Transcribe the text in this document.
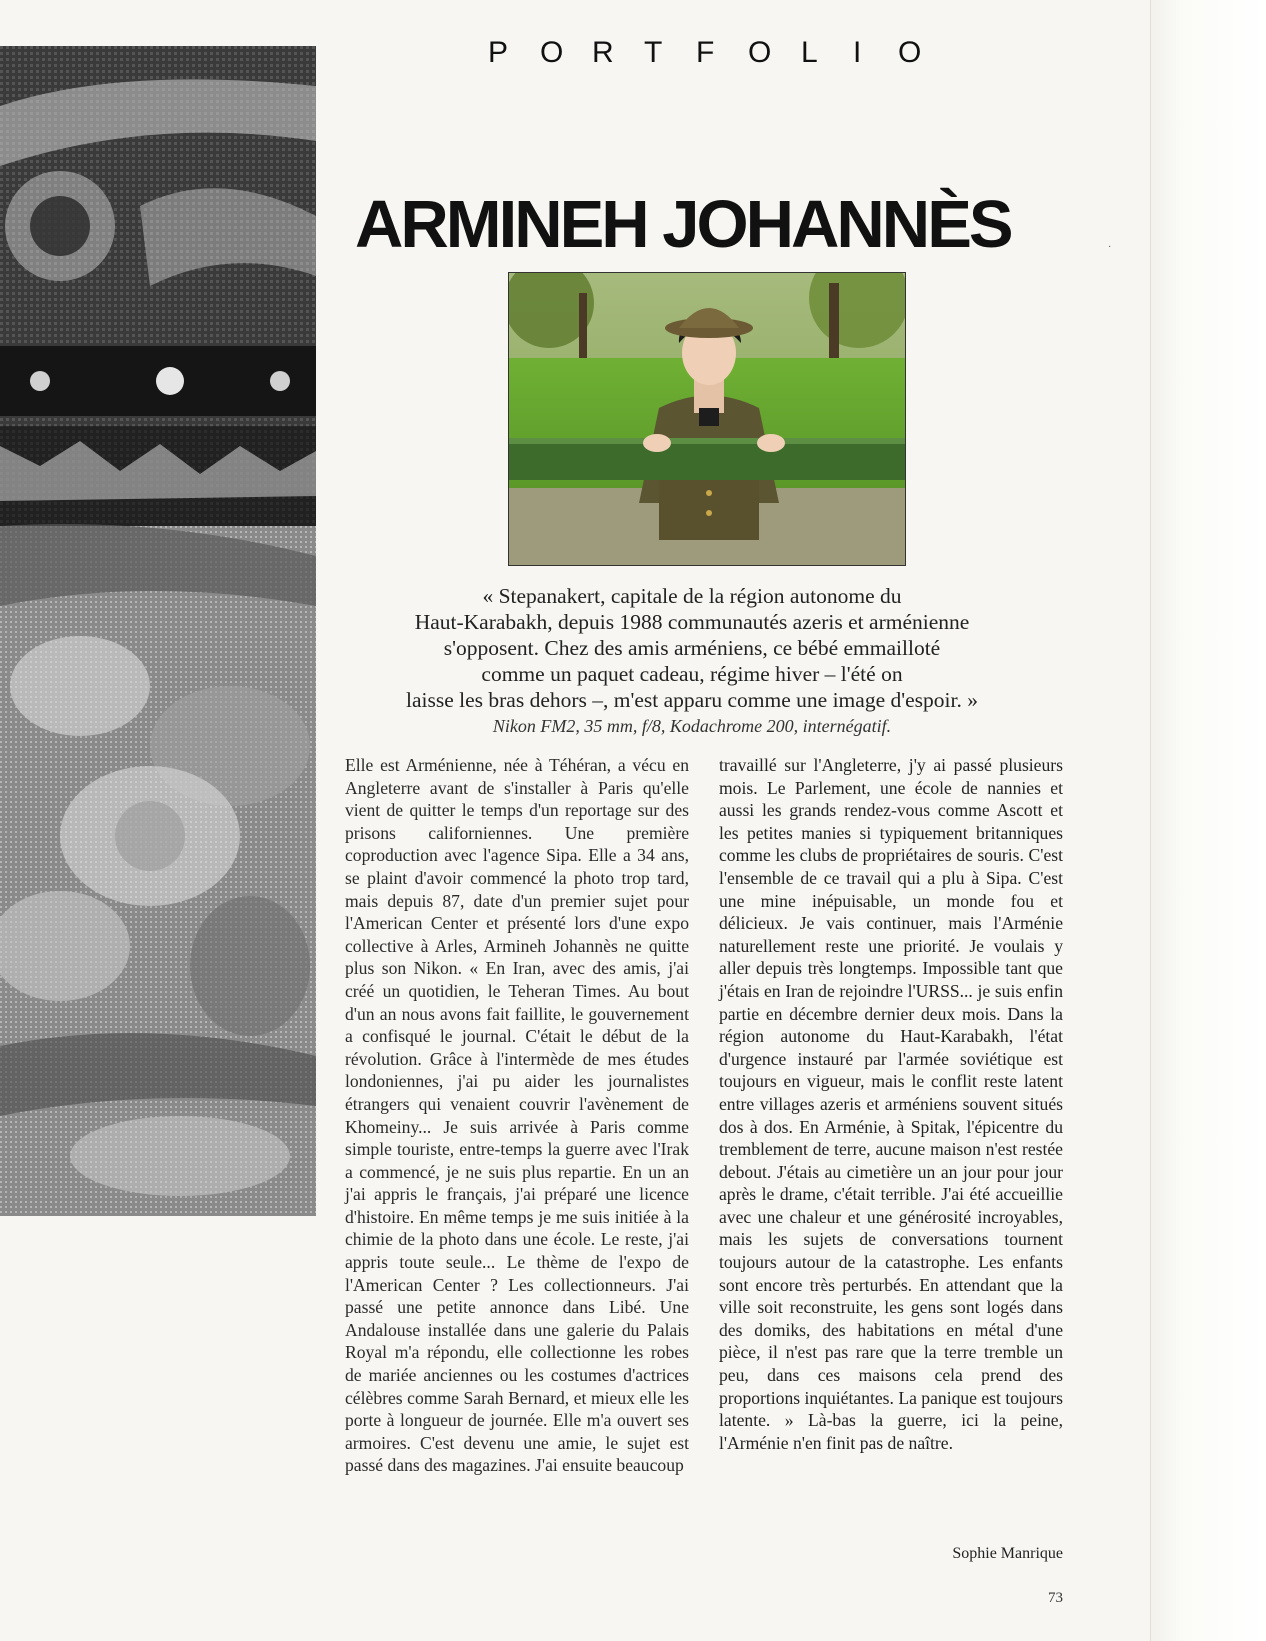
P O R T F O L I O
ARMINEH JOHANNÈS	·

« Stepanakert, capitale de la région autonome du

Haut-Karabakh, depuis 1988 communautés azeris et arménienne

s'opposent. Chez des amis arméniens, ce bébé emmailloté

comme un paquet cadeau, régime hiver – l'été on

laisse les bras dehors –, m'est apparu comme une image d'espoir. »

Nikon FM2, 35 mm, f/8, Kodachrome 200, internégatif.

Elle est Arménienne, née à Téhéran, a vécu en Angleterre avant de s'installer à Paris qu'elle vient de quitter le temps d'un reportage sur des prisons californiennes. Une première coproduction avec l'agence Sipa. Elle a 34 ans, se plaint d'avoir commencé la photo trop tard, mais depuis 87, date d'un premier sujet pour l'American Center et présenté lors d'une expo collective à Arles, Armineh Johannès ne quitte plus son Nikon. « En Iran, avec des amis, j'ai créé un quotidien, le Teheran Times. Au bout d'un an nous avons fait faillite, le gouvernement a confisqué le journal. C'était le début de la révolution. Grâce à l'intermède de mes études londoniennes, j'ai pu aider les journalistes étrangers qui venaient couvrir l'avènement de Khomeiny... Je suis arrivée à Paris comme simple touriste, entre-temps la guerre avec l'Irak a commencé, je ne suis plus repartie. En un an j'ai appris le français, j'ai préparé une licence d'histoire. En même temps je me suis initiée à la chimie de la photo dans une école. Le reste, j'ai appris toute seule... Le thème de l'expo de l'American Center ? Les collectionneurs. J'ai passé une petite annonce dans Libé. Une Andalouse installée dans une galerie du Palais Royal m'a répondu, elle collectionne les robes de mariée anciennes ou les costumes d'actrices célèbres comme Sarah Bernard, et mieux elle les porte à longueur de journée. Elle m'a ouvert ses armoires. C'est devenu une amie, le sujet est passé dans des magazines. J'ai ensuite beaucoup

travaillé sur l'Angleterre, j'y ai passé plusieurs mois. Le Parlement, une école de nannies et aussi les grands rendez-vous comme Ascott et les petites manies si typiquement britanniques comme les clubs de propriétaires de souris. C'est l'ensemble de ce travail qui a plu à Sipa. C'est une mine inépuisable, un monde fou et délicieux. Je vais continuer, mais l'Arménie naturellement reste une priorité. Je voulais y aller depuis très longtemps. Impossible tant que j'étais en Iran de rejoindre l'URSS... je suis enfin partie en décembre dernier deux mois. Dans la région autonome du Haut-Karabakh, l'état d'urgence instauré par l'armée soviétique est toujours en vigueur, mais le conflit reste latent entre villages azeris et arméniens souvent situés dos à dos. En Arménie, à Spitak, l'épicentre du tremblement de terre, aucune maison n'est restée debout. J'étais au cimetière un an jour pour jour après le drame, c'était terrible. J'ai été accueillie avec une chaleur et une générosité incroyables, mais les sujets de conversations tournent toujours autour de la catastrophe. Les enfants sont encore très perturbés. En attendant que la ville soit reconstruite, les gens sont logés dans des domiks, des habitations en métal d'une pièce, il n'est pas rare que la terre tremble un peu, dans ces maisons cela prend des proportions inquiétantes. La panique est toujours latente. » Là-bas la guerre, ici la peine, l'Arménie n'en finit pas de naître.

Sophie Manrique
73
